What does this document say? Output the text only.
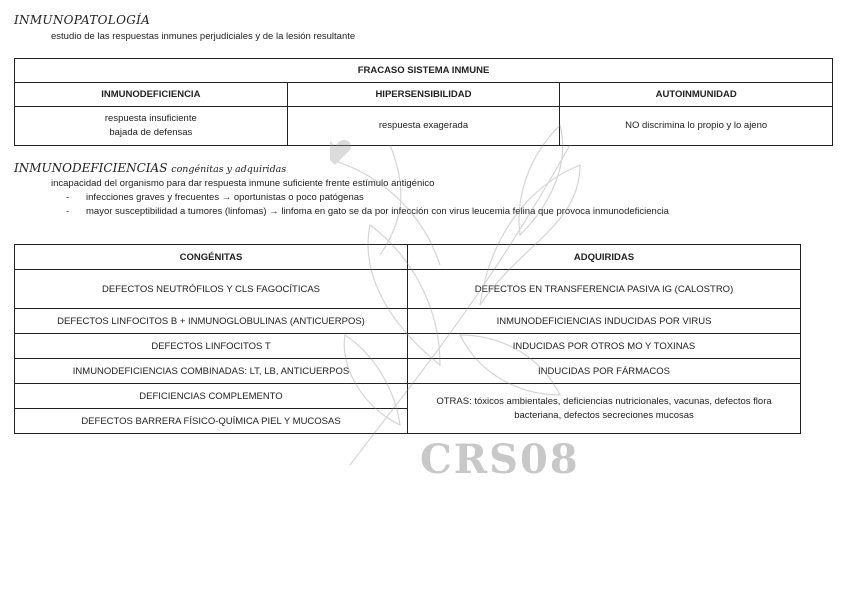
INMUNOPATOLOGÍA
estudio de las respuestas inmunes perjudiciales y de la lesión resultante
FRACASO SISTEMA INMUNE		
INMUNODEFICIENCIA	HIPERSENSIBILIDAD	AUTOINMUNIDAD
respuesta insuficiente
bajada de defensas	respuesta exagerada	NO discrimina lo propio y lo ajeno
INMUNODEFICIENCIAS congénitas y adquiridas
incapacidad del organismo para dar respuesta inmune suficiente frente estímulo antigénico
- infecciones graves y frecuentes → oportunistas o poco patógenas
- mayor susceptibilidad a tumores (linfomas) → linfoma en gato se da por infección con virus leucemia felina que provoca inmunodeficiencia
CONGÉNITAS	ADQUIRIDAS
DEFECTOS NEUTRÓFILOS Y CLS FAGOCÍTICAS	DEFECTOS EN TRANSFERENCIA PASIVA IG (CALOSTRO)
DEFECTOS LINFOCITOS B + INMUNOGLOBULINAS (ANTICUERPOS)	INMUNODEFICIENCIAS INDUCIDAS POR VIRUS
DEFECTOS LINFOCITOS T	INDUCIDAS POR OTROS MO Y TOXINAS
INMUNODEFICIENCIAS COMBINADAS: LT, LB, ANTICUERPOS	INDUCIDAS POR FÁRMACOS
DEFICIENCIAS COMPLEMENTO	OTRAS: tóxicos ambientales, deficiencias nutricionales, vacunas, defectos flora bacteriana, defectos secreciones mucosas
DEFECTOS BARRERA FÍSICO-QUÍMICA PIEL Y MUCOSAS	
CRS08
